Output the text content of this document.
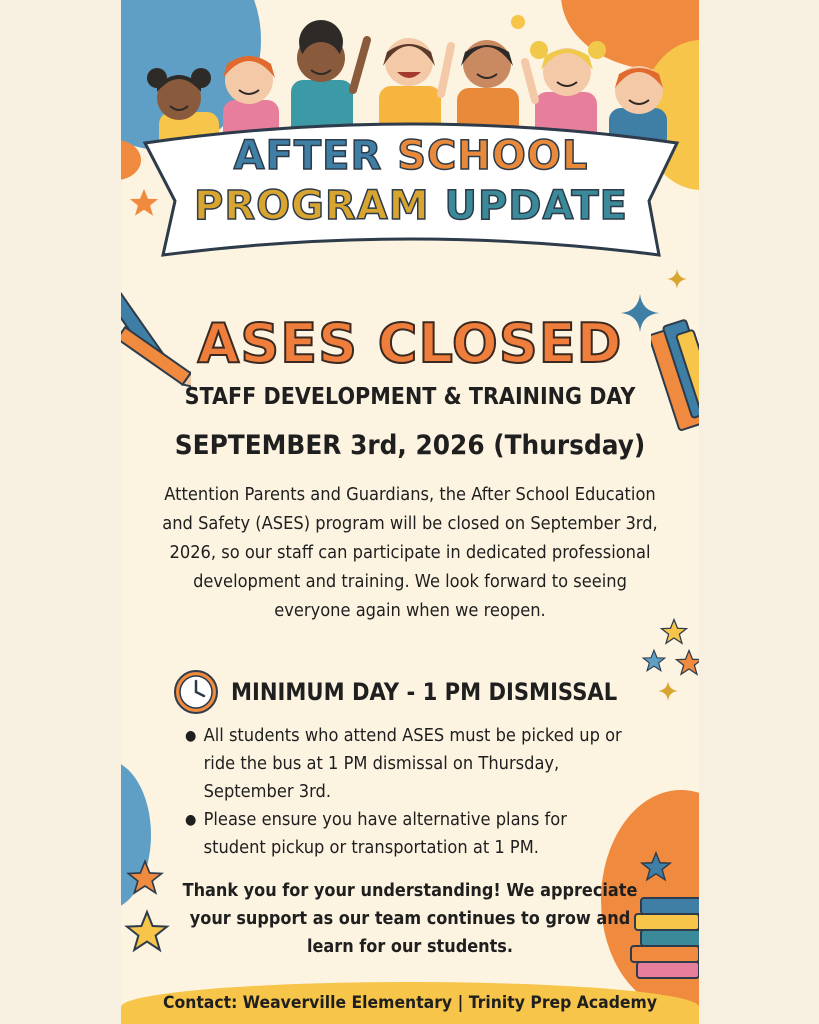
AFTER SCHOOL
PROGRAM UPDATE
ASES CLOSED
STAFF DEVELOPMENT & TRAINING DAY
SEPTEMBER 3rd, 2026 (Thursday)
Attention Parents and Guardians, the After School Education and Safety (ASES) program will be closed on September 3rd, 2026, so our staff can participate in dedicated professional development and training. We look forward to seeing everyone again when we reopen.
MINIMUM DAY - 1 PM DISMISSAL
● All students who attend ASES must be picked up or ride the bus at 1 PM dismissal on Thursday, September 3rd.
● Please ensure you have alternative plans for student pickup or transportation at 1 PM.
Thank you for your understanding! We appreciate your support as our team continues to grow and learn for our students.
Contact: Weaverville Elementary | Trinity Prep Academy
